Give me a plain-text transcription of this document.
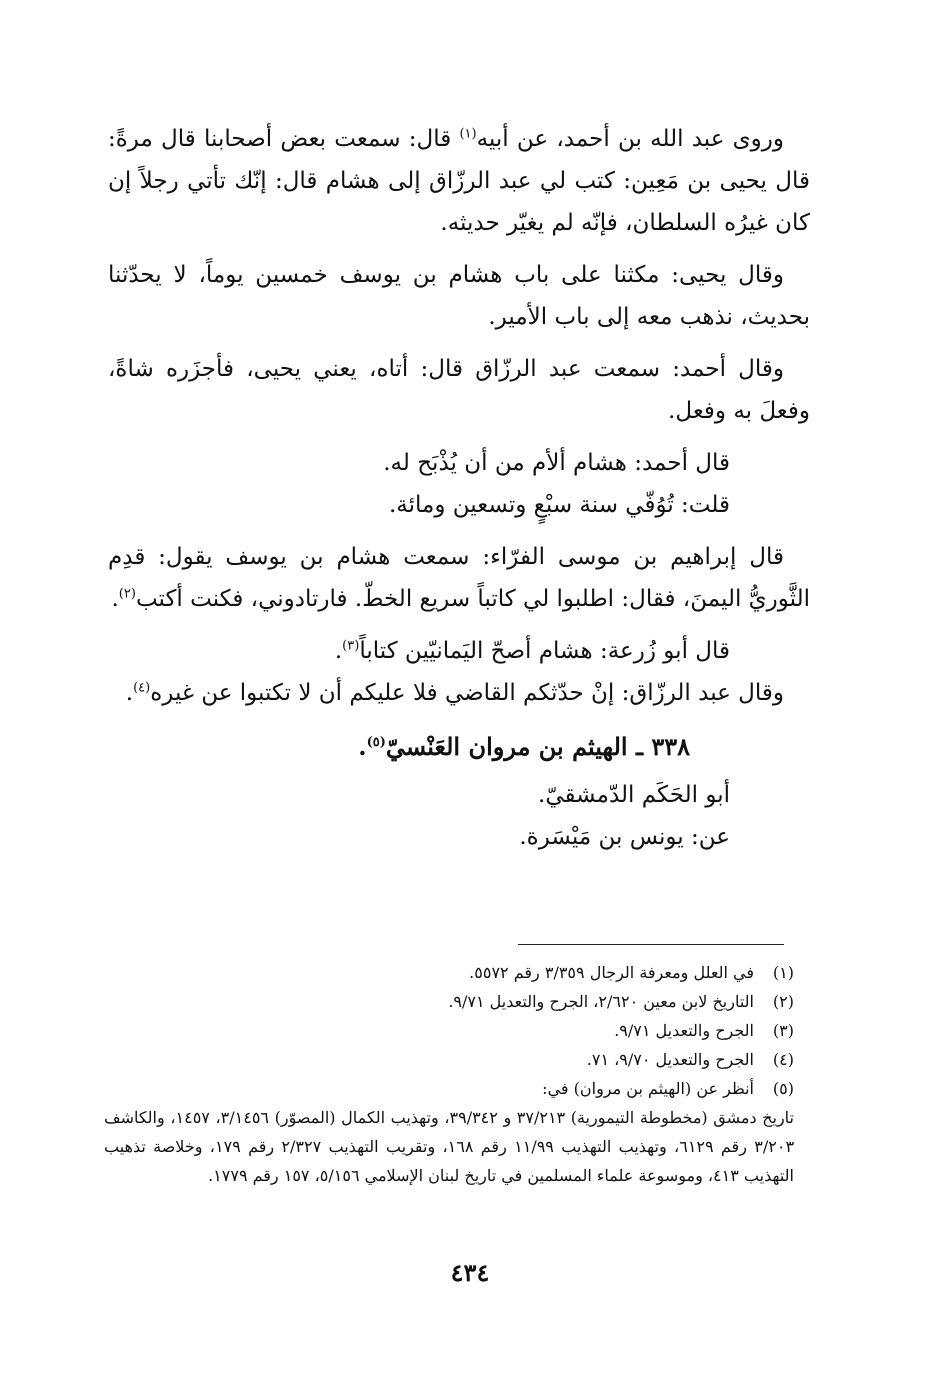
وروى عبد الله بن أحمد، عن أبيه$^{(١)}$ قال: سمعت بعض أصحابنا قال مرةً: قال يحيى بن مَعِين: كتب لي عبد الرزّاق إلى هشام قال: إنّك تأتي رجلاً إن كان غيرُه السلطان، فإنّه لم يغيّر حديثه.

وقال يحيى: مكثنا على باب هشام بن يوسف خمسين يوماً، لا يحدّثنا بحديث، نذهب معه إلى باب الأمير.

وقال أحمد: سمعت عبد الرزّاق قال: أتاه، يعني يحيى، فأجزَره شاةً، وفعلَ به وفعل.

قال أحمد: هشام ألأم من أن يُذْبَح له.

قلت: تُوُفّي سنة سبْعٍ وتسعين ومائة.

قال إبراهيم بن موسى الفرّاء: سمعت هشام بن يوسف يقول: قدِم الثَّوريُّ اليمنَ، فقال: اطلبوا لي كاتباً سريع الخطّ. فارتادوني، فكنت أكتب$^{(٢)}$.

قال أبو زُرعة: هشام أصحّ اليَمانيّين كتاباً$^{(٣)}$.

وقال عبد الرزّاق: إنْ حدّثكم القاضي فلا عليكم أن لا تكتبوا عن غيره$^{(٤)}$.

٣٣٨ ـ الهيثم بن مروان العَنْسيّ$^{(٥)}$.

أبو الحَكَم الدّمشقيّ.

عن: يونس بن مَيْسَرة.

(١)
في العلل ومعرفة الرجال ٣/٣٥٩ رقم ٥٥٧٢.

(٢)
التاريخ لابن معين ٢/٦٢٠، الجرح والتعديل ٩/٧١.

(٣)
الجرح والتعديل ٩/٧١.

(٤)
الجرح والتعديل ٩/٧٠، ٧١.

(٥)
أنظر عن (الهيثم بن مروان) في:

تاريخ دمشق (مخطوطة التيمورية) ٣٧/٢١٣ و ٣٩/٣٤٢، وتهذيب الكمال (المصوّر) ٣/١٤٥٦، ١٤٥٧، والكاشف ٣/٢٠٣ رقم ٦١٢٩، وتهذيب التهذيب ١١/٩٩ رقم ١٦٨، وتقريب التهذيب ٢/٣٢٧ رقم ١٧٩، وخلاصة تذهيب التهذيب ٤١٣، وموسوعة علماء المسلمين في تاريخ لبنان الإسلامي ٥/١٥٦، ١٥٧ رقم ١٧٧٩.

٤٣٤
